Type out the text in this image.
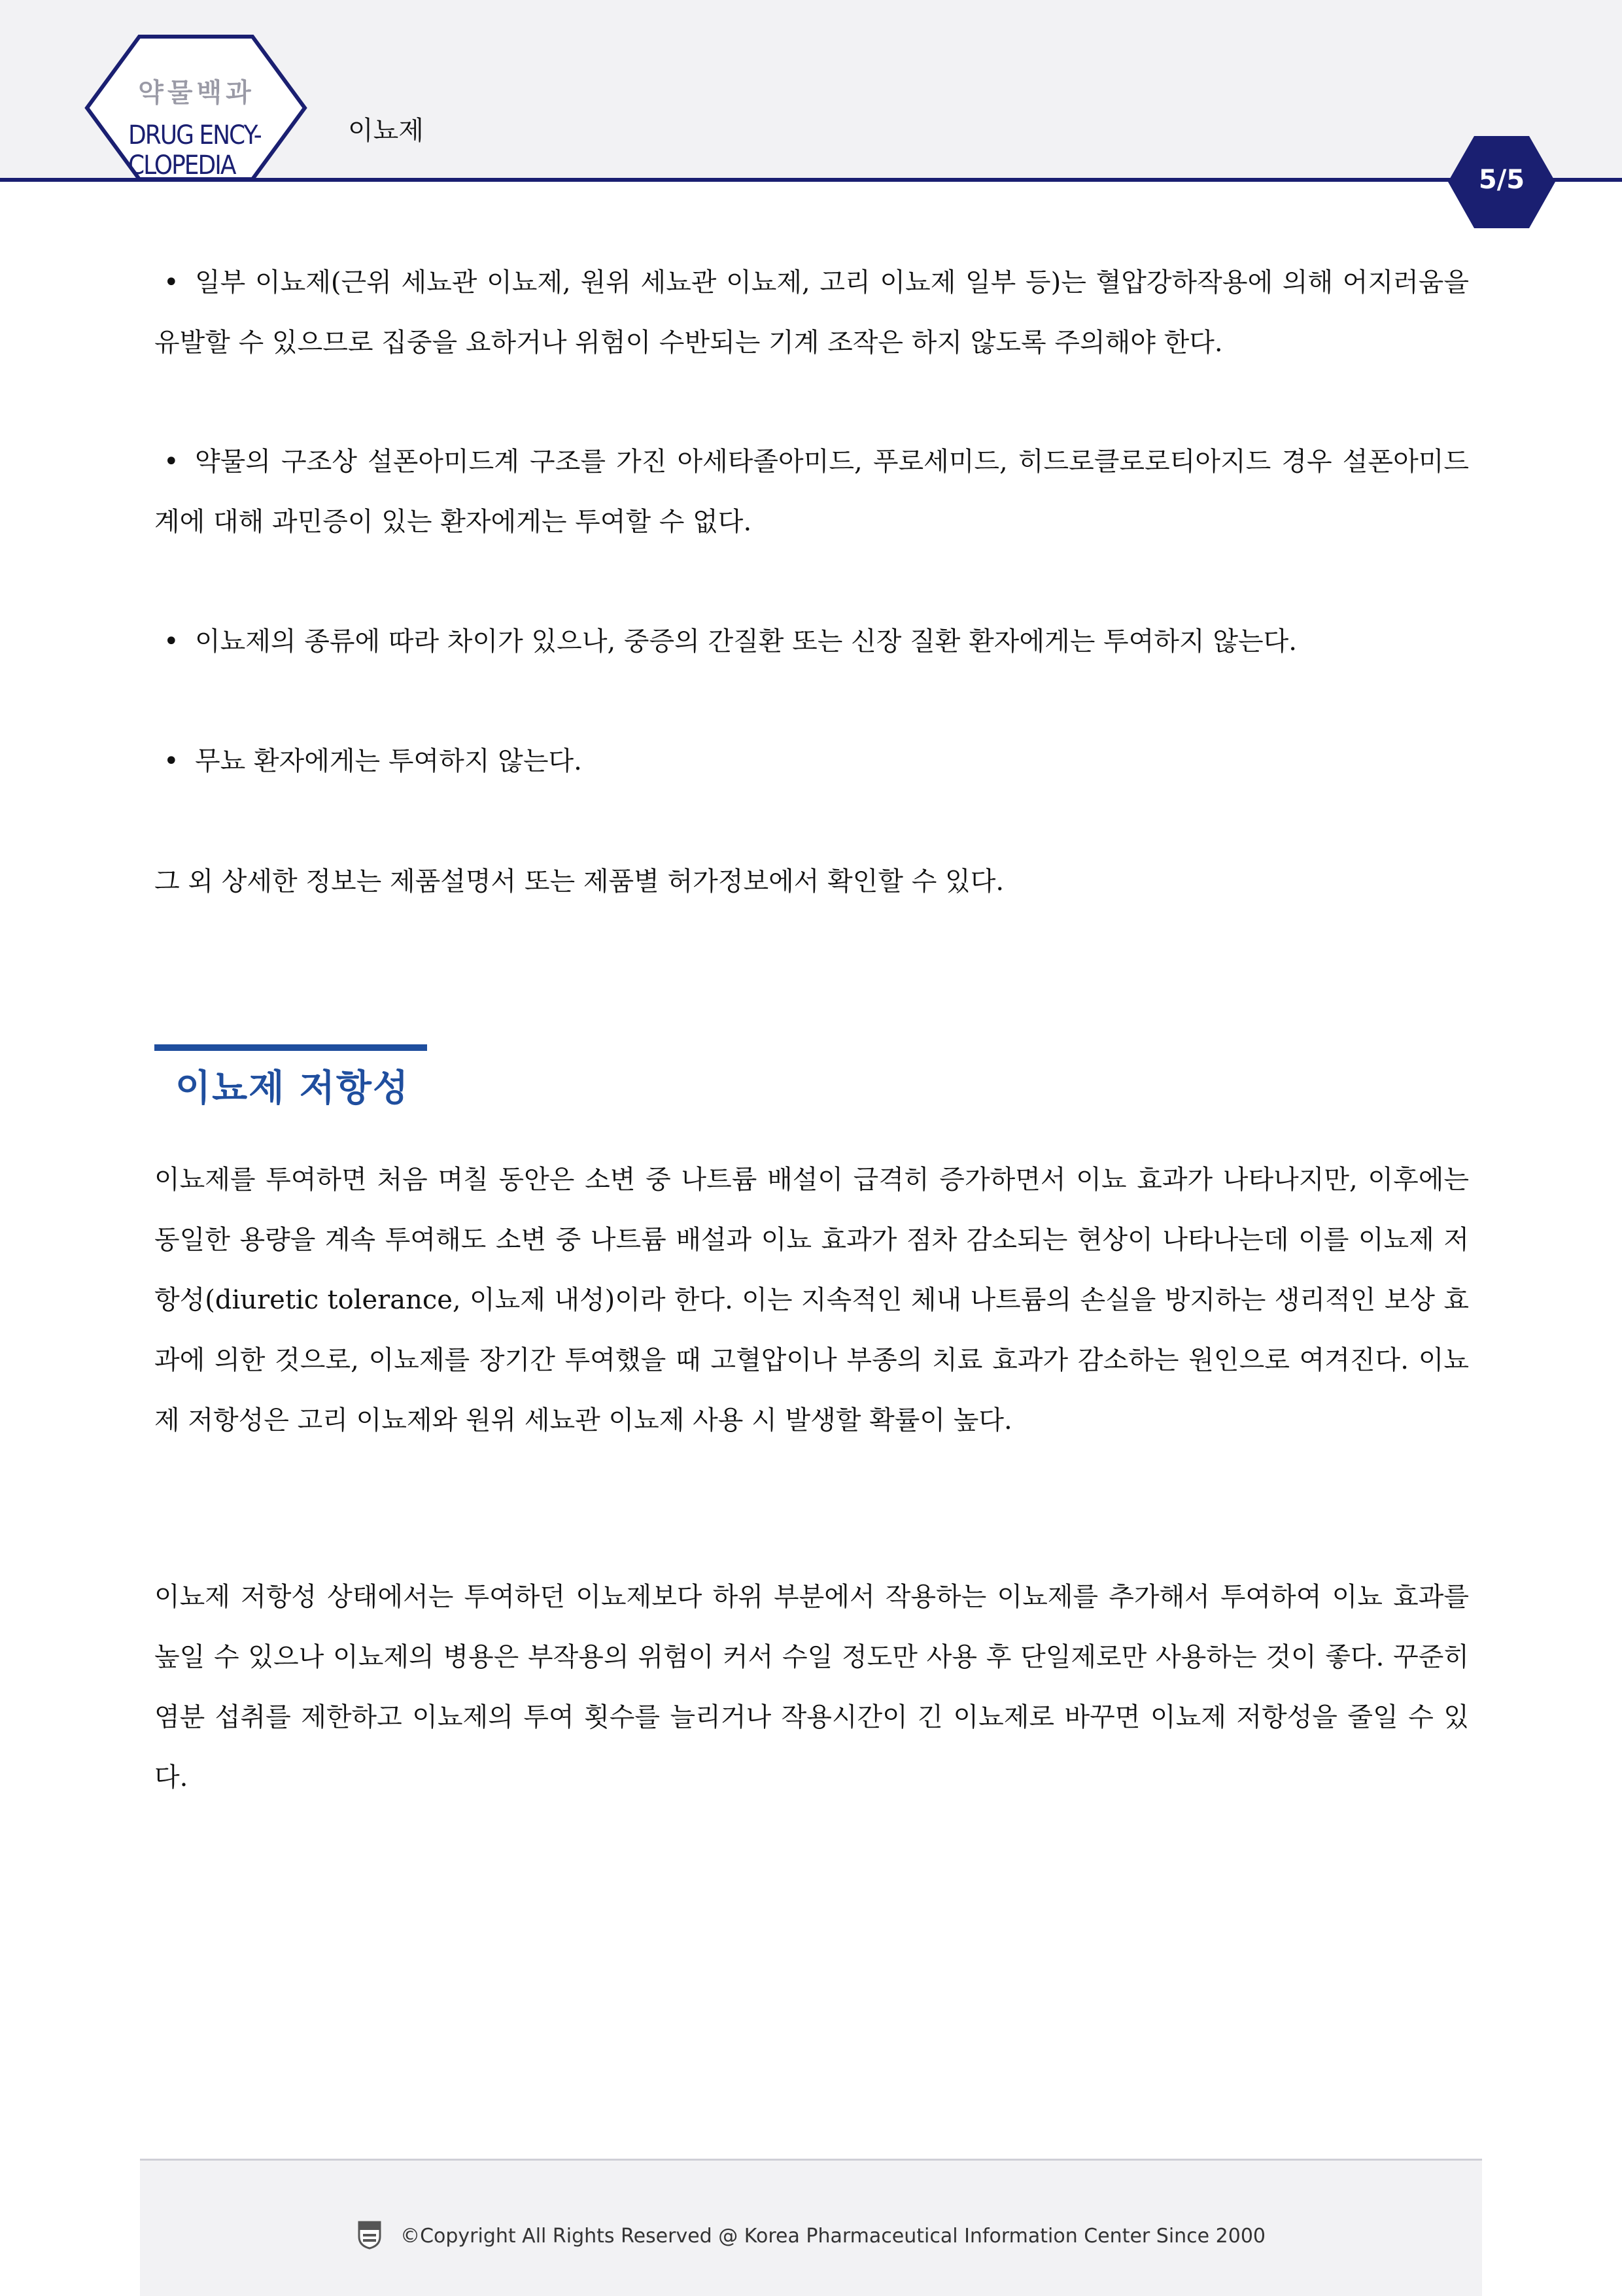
약물백과
DRUG ENCY-
CLOPEDIA
이뇨제
5/5

• 일부 이뇨제(근위 세뇨관 이뇨제, 원위 세뇨관 이뇨제, 고리 이뇨제 일부 등)는 혈압강하작용에 의해 어지러움을 유발할 수 있으므로 집중을 요하거나 위험이 수반되는 기계 조작은 하지 않도록 주의해야 한다.

• 약물의 구조상 설폰아미드계 구조를 가진 아세타졸아미드, 푸로세미드, 히드로클로로티아지드 경우 설폰아미드계에 대해 과민증이 있는 환자에게는 투여할 수 없다.

• 이뇨제의 종류에 따라 차이가 있으나, 중증의 간질환 또는 신장 질환 환자에게는 투여하지 않는다.

• 무뇨 환자에게는 투여하지 않는다.

그 외 상세한 정보는 제품설명서 또는 제품별 허가정보에서 확인할 수 있다.

이뇨제 저항성

이뇨제를 투여하면 처음 며칠 동안은 소변 중 나트륨 배설이 급격히 증가하면서 이뇨 효과가 나타나지만, 이후에는 동일한 용량을 계속 투여해도 소변 중 나트륨 배설과 이뇨 효과가 점차 감소되는 현상이 나타나는데 이를 이뇨제 저항성(diuretic tolerance, 이뇨제 내성)이라 한다. 이는 지속적인 체내 나트륨의 손실을 방지하는 생리적인 보상 효과에 의한 것으로, 이뇨제를 장기간 투여했을 때 고혈압이나 부종의 치료 효과가 감소하는 원인으로 여겨진다. 이뇨제 저항성은 고리 이뇨제와 원위 세뇨관 이뇨제 사용 시 발생할 확률이 높다.

이뇨제 저항성 상태에서는 투여하던 이뇨제보다 하위 부분에서 작용하는 이뇨제를 추가해서 투여하여 이뇨 효과를 높일 수 있으나 이뇨제의 병용은 부작용의 위험이 커서 수일 정도만 사용 후 단일제로만 사용하는 것이 좋다. 꾸준히 염분 섭취를 제한하고 이뇨제의 투여 횟수를 늘리거나 작용시간이 긴 이뇨제로 바꾸면 이뇨제 저항성을 줄일 수 있다.

©Copyright All Rights Reserved @ Korea Pharmaceutical Information Center Since 2000
